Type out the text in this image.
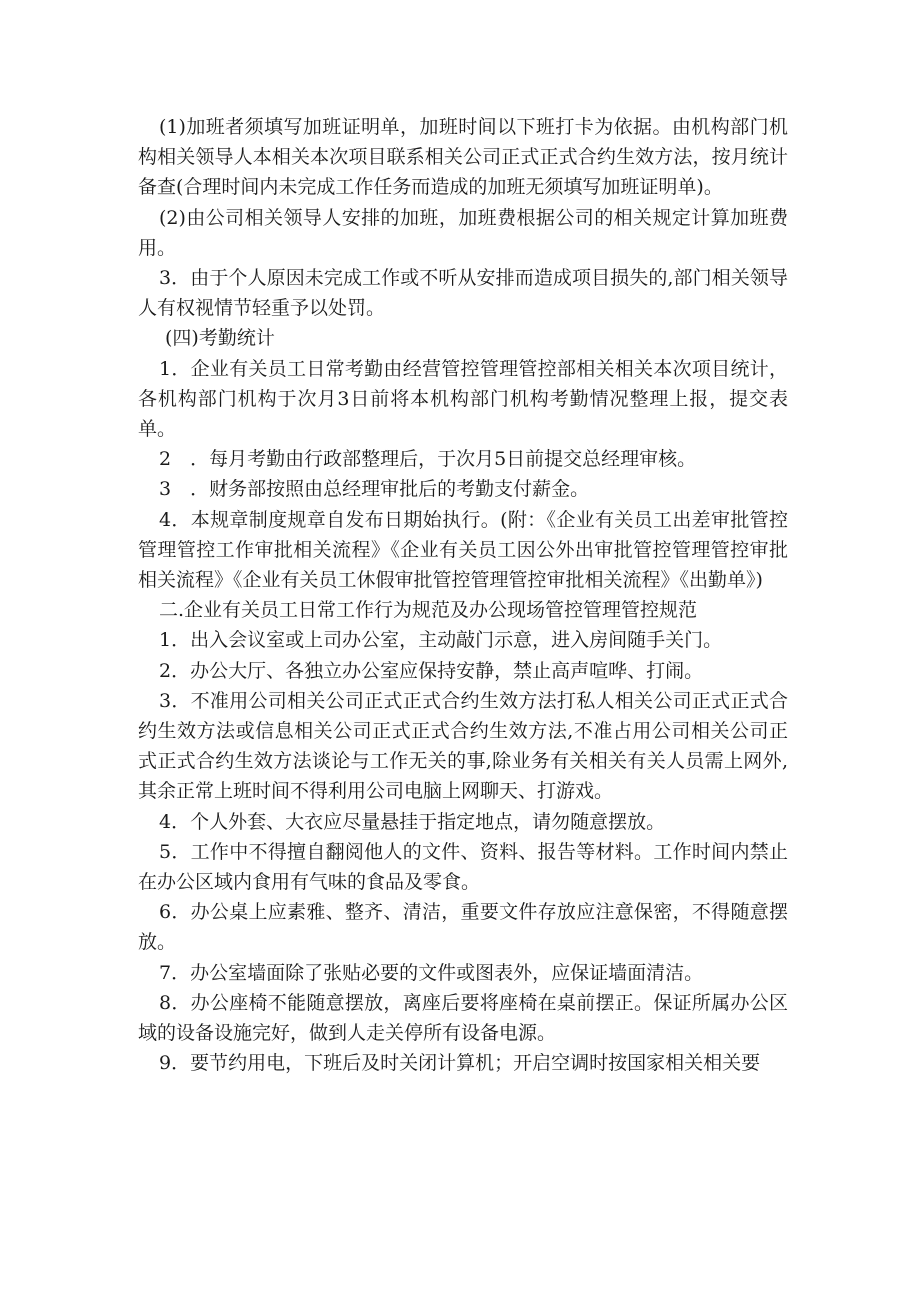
(1)加班者须填写加班证明单，加班时间以下班打卡为依据。由机构部门机构相关领导人本相关本次项目联系相关公司正式正式合约生效方法，按月统计备查(合理时间内未完成工作任务而造成的加班无须填写加班证明单)。

(2)由公司相关领导人安排的加班，加班费根据公司的相关规定计算加班费用。

3．由于个人原因未完成工作或不听从安排而造成项目损失的,部门相关领导人有权视情节轻重予以处罚。

(四)考勤统计

1．企业有关员工日常考勤由经营管控管理管控部相关相关本次项目统计，各机构部门机构于次月3日前将本机构部门机构考勤情况整理上报，提交表单。

2　．每月考勤由行政部整理后，于次月5日前提交总经理审核。

3　．财务部按照由总经理审批后的考勤支付薪金。

4．本规章制度规章自发布日期始执行。(附：《企业有关员工出差审批管控管理管控工作审批相关流程》《企业有关员工因公外出审批管控管理管控审批相关流程》《企业有关员工休假审批管控管理管控审批相关流程》《出勤单》)

二.企业有关员工日常工作行为规范及办公现场管控管理管控规范

1．出入会议室或上司办公室，主动敲门示意，进入房间随手关门。

2．办公大厅、各独立办公室应保持安静，禁止高声喧哗、打闹。

3．不准用公司相关公司正式正式合约生效方法打私人相关公司正式正式合约生效方法或信息相关公司正式正式合约生效方法,不准占用公司相关公司正式正式合约生效方法谈论与工作无关的事,除业务有关相关有关人员需上网外,其余正常上班时间不得利用公司电脑上网聊天、打游戏。

4．个人外套、大衣应尽量悬挂于指定地点，请勿随意摆放。

5．工作中不得擅自翻阅他人的文件、资料、报告等材料。工作时间内禁止在办公区域内食用有气味的食品及零食。

6．办公桌上应素雅、整齐、清洁，重要文件存放应注意保密，不得随意摆放。

7．办公室墙面除了张贴必要的文件或图表外，应保证墙面清洁。

8．办公座椅不能随意摆放，离座后要将座椅在桌前摆正。保证所属办公区域的设备设施完好，做到人走关停所有设备电源。

9．要节约用电，下班后及时关闭计算机；开启空调时按国家相关相关要
